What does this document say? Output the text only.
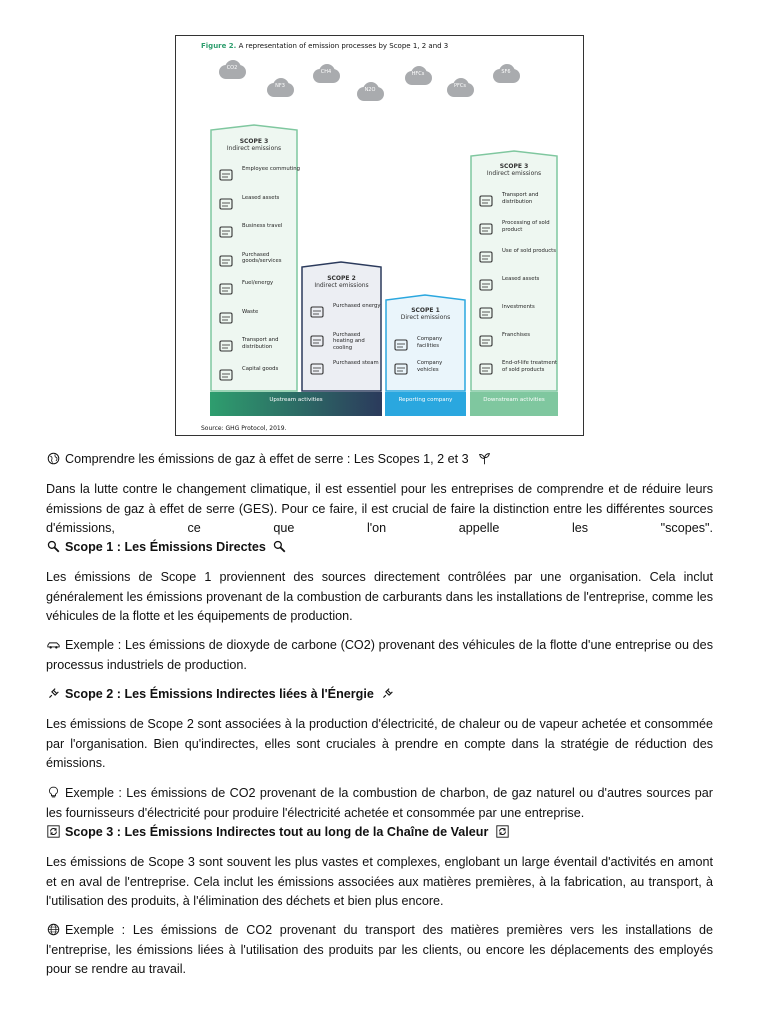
Figure 2. A representation of emission processes by Scope 1, 2 and 3
CO2
NF3
CH4
N2O
HFCs
PFCs
SF6
SCOPE 3
Indirect emissions
Employee commuting
Leased assets
Business travel
Purchased goods/services
Fuel/energy
Waste
Transport and distribution
Capital goods
Upstream activities
SCOPE 2
Indirect emissions
Purchased energy
Purchased heating and cooling
Purchased steam
SCOPE 1
Direct emissions
Company facilities
Company vehicles
Reporting company
SCOPE 3
Indirect emissions
Transport and distribution
Processing of sold product
Use of sold products
Leased assets
Investments
Franchises
End-of-life treatment of sold products
Downstream activities
Source: GHG Protocol, 2019.
Comprendre les émissions de gaz à effet de serre : Les Scopes 1, 2 et 3
Dans la lutte contre le changement climatique, il est essentiel pour les entreprises de comprendre et de réduire leurs émissions de gaz à effet de serre (GES). Pour ce faire, il est crucial de faire la distinction entre les différentes sources d'émissions, ce que l'on appelle les "scopes".
Scope 1 : Les Émissions Directes
Les émissions de Scope 1 proviennent des sources directement contrôlées par une organisation. Cela inclut généralement les émissions provenant de la combustion de carburants dans les installations de l'entreprise, comme les véhicules de la flotte et les équipements de production.
Exemple : Les émissions de dioxyde de carbone (CO2) provenant des véhicules de la flotte d'une entreprise ou des processus industriels de production.
Scope 2 : Les Émissions Indirectes liées à l'Énergie
Les émissions de Scope 2 sont associées à la production d'électricité, de chaleur ou de vapeur achetée et consommée par l'organisation. Bien qu'indirectes, elles sont cruciales à prendre en compte dans la stratégie de réduction des émissions.
Exemple : Les émissions de CO2 provenant de la combustion de charbon, de gaz naturel ou d'autres sources par les fournisseurs d'électricité pour produire l'électricité achetée et consommée par une entreprise.
Scope 3 : Les Émissions Indirectes tout au long de la Chaîne de Valeur
Les émissions de Scope 3 sont souvent les plus vastes et complexes, englobant un large éventail d'activités en amont et en aval de l'entreprise. Cela inclut les émissions associées aux matières premières, à la fabrication, au transport, à l'utilisation des produits, à l'élimination des déchets et bien plus encore.
Exemple : Les émissions de CO2 provenant du transport des matières premières vers les installations de l'entreprise, les émissions liées à l'utilisation des produits par les clients, ou encore les déplacements des employés pour se rendre au travail.
